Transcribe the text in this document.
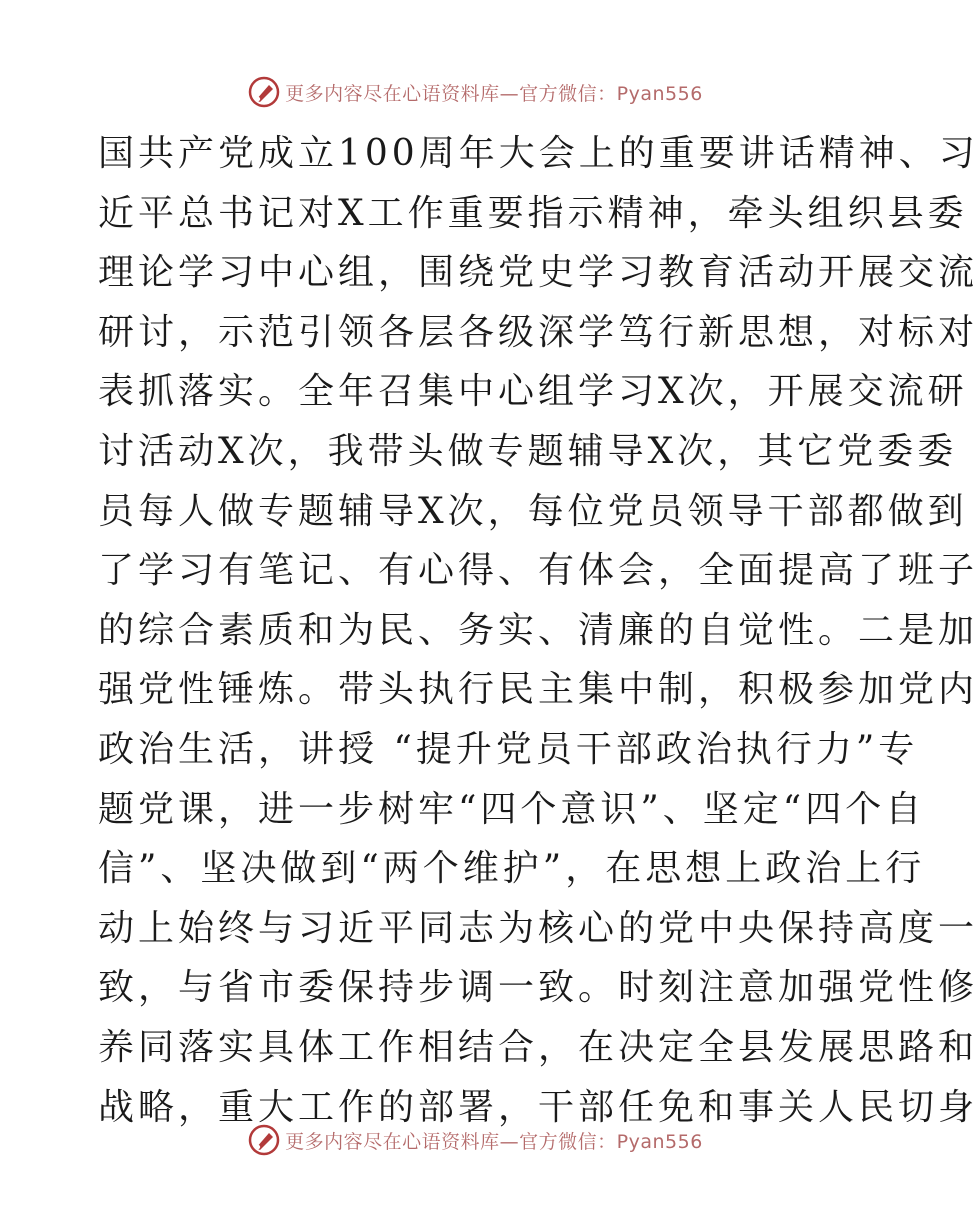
更多内容尽在心语资料库—官方微信：Pyan556
国共产党成立100周年大会上的重要讲话精神、习
近平总书记对X工作重要指示精神，牵头组织县委
理论学习中心组，围绕党史学习教育活动开展交流
研讨，示范引领各层各级深学笃行新思想，对标对
表抓落实。全年召集中心组学习X次，开展交流研
讨活动X次，我带头做专题辅导X次，其它党委委
员每人做专题辅导X次，每位党员领导干部都做到
了学习有笔记、有心得、有体会，全面提高了班子
的综合素质和为民、务实、清廉的自觉性。二是加
强党性锤炼。带头执行民主集中制，积极参加党内
政治生活，讲授 “提升党员干部政治执行力”专
题党课，进一步树牢“四个意识”、坚定“四个自
信”、坚决做到“两个维护”，在思想上政治上行
动上始终与习近平同志为核心的党中央保持高度一
致，与省市委保持步调一致。时刻注意加强党性修
养同落实具体工作相结合，在决定全县发展思路和
战略，重大工作的部署，干部任免和事关人民切身
更多内容尽在心语资料库—官方微信：Pyan556
